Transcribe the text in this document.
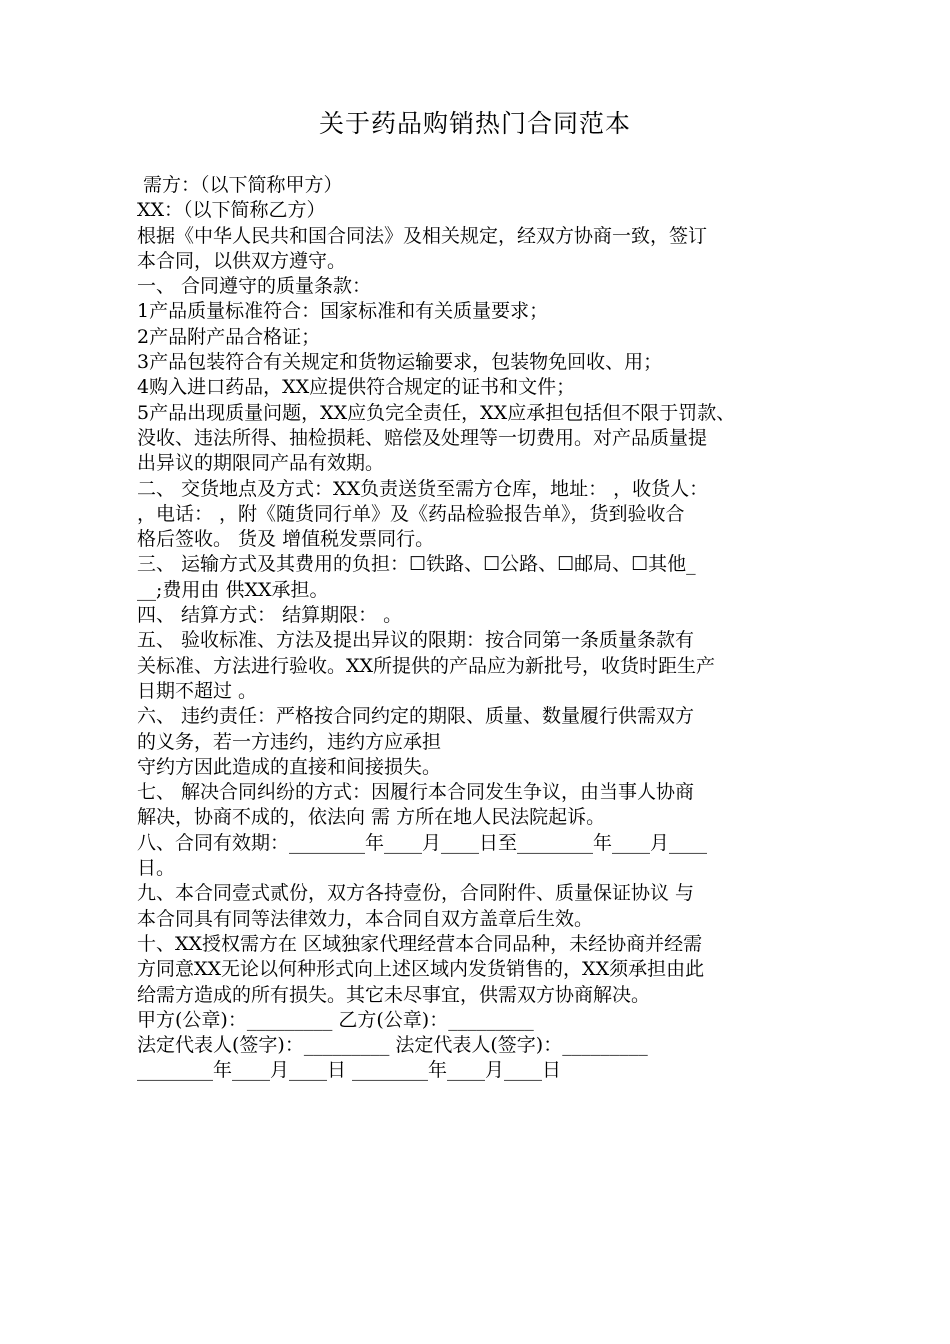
关于药品购销热门合同范本
需方：（以下简称甲方）
XX：（以下简称乙方）
根据《中华人民共和国合同法》及相关规定，经双方协商一致，签订
本合同，以供双方遵守。
一、 合同遵守的质量条款：
1产品质量标准符合：国家标准和有关质量要求；
2产品附产品合格证；
3产品包装符合有关规定和货物运输要求，包装物免回收、用；
4购入进口药品，XX应提供符合规定的证书和文件；
5产品出现质量问题，XX应负完全责任，XX应承担包括但不限于罚款、
没收、违法所得、抽检损耗、赔偿及处理等一切费用。对产品质量提
出异议的期限同产品有效期。
二、 交货地点及方式：XX负责送货至需方仓库，地址： ，收货人：
，电话： ，附《随货同行单》及《药品检验报告单》，货到验收合
格后签收。 货及 增值税发票同行。
三、 运输方式及其费用的负担：☐铁路、☐公路、☐邮局、☐其他_
__;费用由 供XX承担。
四、 结算方式： 结算期限： 。
五、 验收标准、方法及提出异议的限期：按合同第一条质量条款有
关标准、方法进行验收。XX所提供的产品应为新批号，收货时距生产
日期不超过 。
六、 违约责任：严格按合同约定的期限、质量、数量履行供需双方
的义务，若一方违约，违约方应承担
守约方因此造成的直接和间接损失。
七、 解决合同纠纷的方式：因履行本合同发生争议，由当事人协商
解决，协商不成的，依法向 需 方所在地人民法院起诉。
八、合同有效期：________年____月____日至________年____月____
日。
九、本合同壹式贰份，双方各持壹份，合同附件、质量保证协议 与
本合同具有同等法律效力，本合同自双方盖章后生效。
十、XX授权需方在 区域独家代理经营本合同品种，未经协商并经需
方同意XX无论以何种形式向上述区域内发货销售的，XX须承担由此
给需方造成的所有损失。其它未尽事宜，供需双方协商解决。
甲方(公章)：_________ 乙方(公章)：_________
法定代表人(签字)：_________ 法定代表人(签字)：_________
________年____月____日 ________年____月____日
